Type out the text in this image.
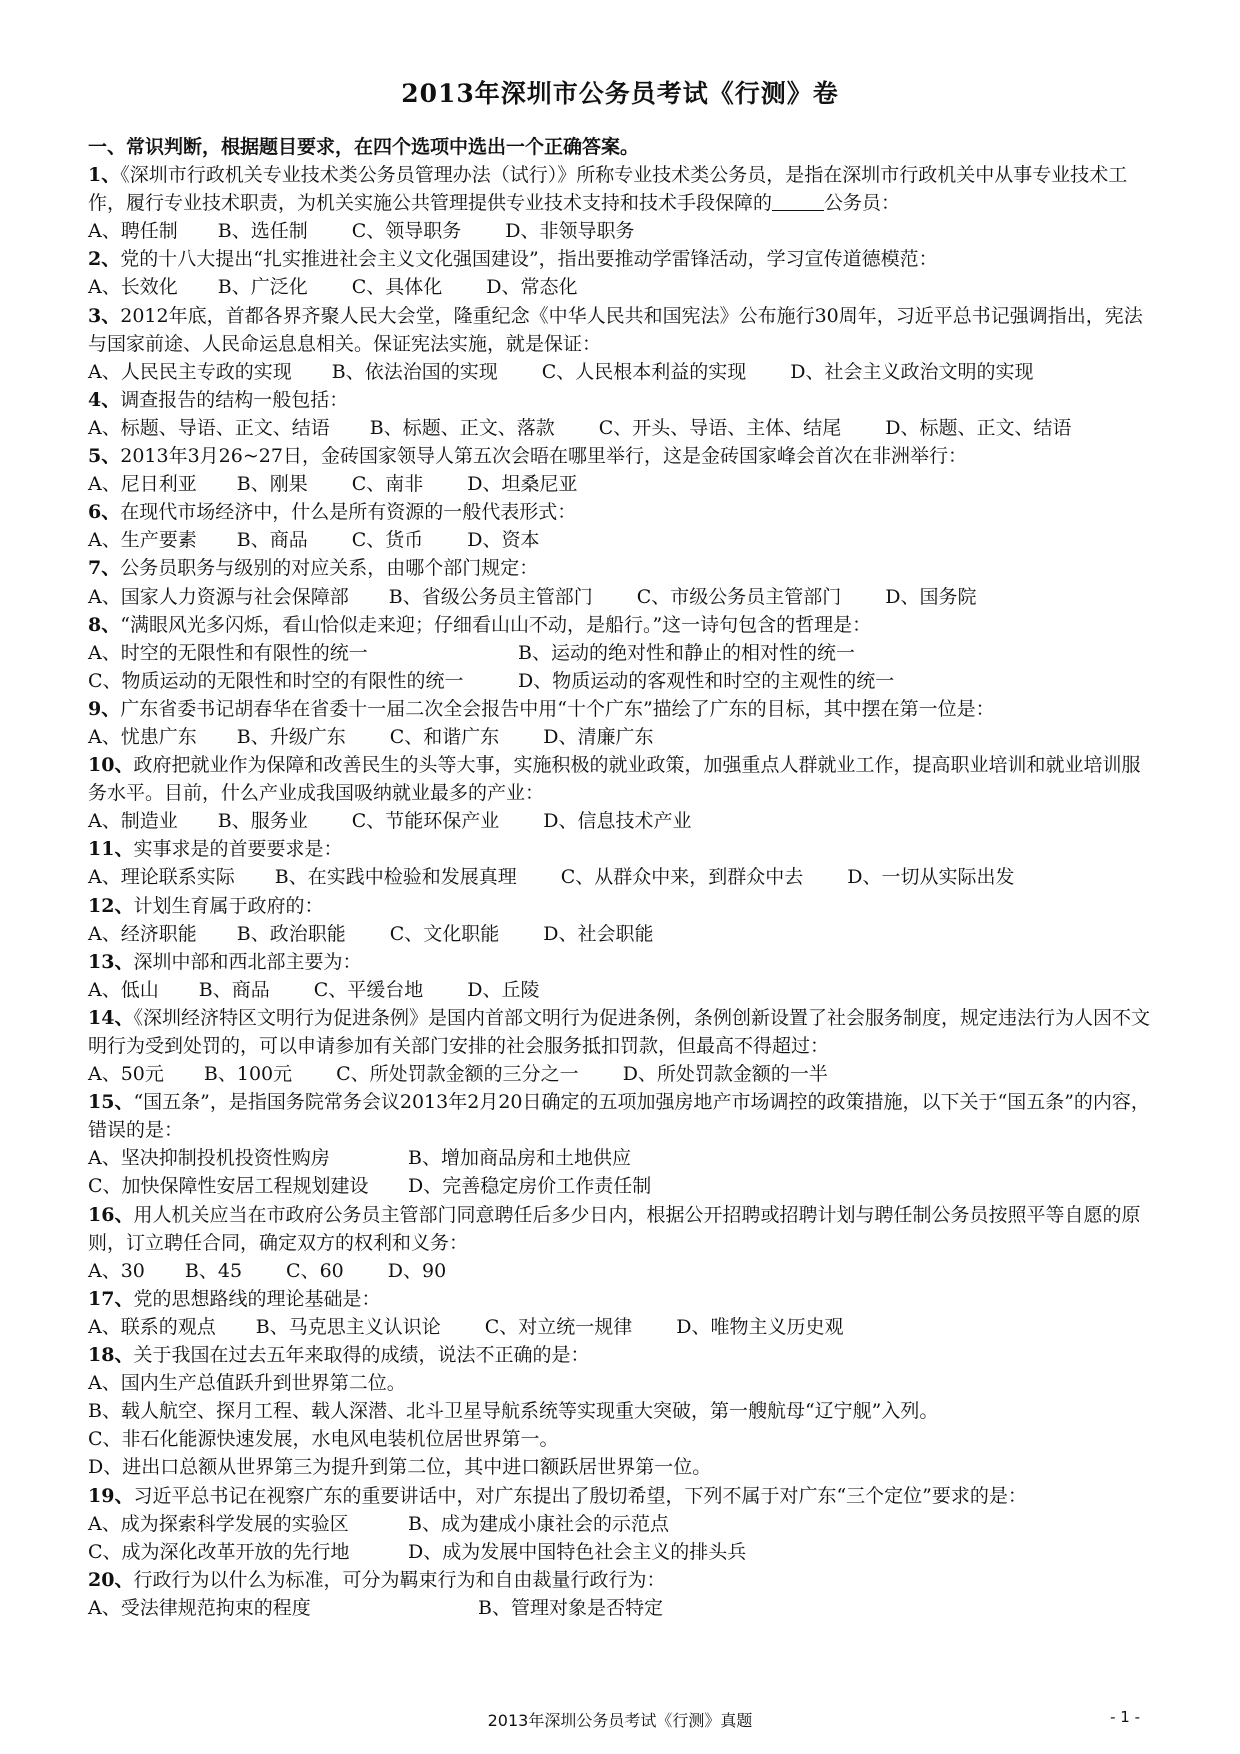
2013年深圳市公务员考试《行测》卷
一、常识判断，根据题目要求，在四个选项中选出一个正确答案。
1、《深圳市行政机关专业技术类公务员管理办法（试行）》所称专业技术类公务员，是指在深圳市行政机关中从事专业技术工作，履行专业技术职责，为机关实施公共管理提供专业技术支持和技术手段保障的	公务员：
A、聘任制 B、选任制 C、领导职务 D、非领导职务
2、党的十八大提出“扎实推进社会主义文化强国建设”，指出要推动学雷锋活动，学习宣传道德模范：
A、长效化 B、广泛化 C、具体化 D、常态化
3、2012年底，首都各界齐聚人民大会堂，隆重纪念《中华人民共和国宪法》公布施行30周年，习近平总书记强调指出，宪法与国家前途、人民命运息息相关。保证宪法实施，就是保证：
A、人民民主专政的实现 B、依法治国的实现 C、人民根本利益的实现 D、社会主义政治文明的实现
4、调查报告的结构一般包括：
A、标题、导语、正文、结语 B、标题、正文、落款 C、开头、导语、主体、结尾 D、标题、正文、结语
5、2013年3月26~27日，金砖国家领导人第五次会晤在哪里举行，这是金砖国家峰会首次在非洲举行：
A、尼日利亚 B、刚果 C、南非 D、坦桑尼亚
6、在现代市场经济中，什么是所有资源的一般代表形式：
A、生产要素 B、商品 C、货币 D、资本
7、公务员职务与级别的对应关系，由哪个部门规定：
A、国家人力资源与社会保障部 B、省级公务员主管部门 C、市级公务员主管部门 D、国务院
8、“满眼风光多闪烁，看山恰似走来迎；仔细看山山不动，是船行。”这一诗句包含的哲理是：
A、时空的无限性和有限性的统一	B、运动的绝对性和静止的相对性的统一
C、物质运动的无限性和时空的有限性的统一	D、物质运动的客观性和时空的主观性的统一
9、广东省委书记胡春华在省委十一届二次全会报告中用“十个广东”描绘了广东的目标，其中摆在第一位是：
A、忧患广东 B、升级广东 C、和谐广东 D、清廉广东
10、政府把就业作为保障和改善民生的头等大事，实施积极的就业政策，加强重点人群就业工作，提高职业培训和就业培训服务水平。目前，什么产业成我国吸纳就业最多的产业：
A、制造业 B、服务业 C、节能环保产业 D、信息技术产业
11、实事求是的首要要求是：
A、理论联系实际 B、在实践中检验和发展真理 C、从群众中来，到群众中去 D、一切从实际出发
12、计划生育属于政府的：
A、经济职能 B、政治职能 C、文化职能 D、社会职能
13、深圳中部和西北部主要为：
A、低山 B、商品 C、平缓台地 D、丘陵
14、《深圳经济特区文明行为促进条例》是国内首部文明行为促进条例，条例创新设置了社会服务制度，规定违法行为人因不文明行为受到处罚的，可以申请参加有关部门安排的社会服务抵扣罚款，但最高不得超过：
A、50元 B、100元 C、所处罚款金额的三分之一 D、所处罚款金额的一半
15、“国五条”，是指国务院常务会议2013年2月20日确定的五项加强房地产市场调控的政策措施，以下关于“国五条”的内容，错误的是：
A、坚决抑制投机投资性购房	B、增加商品房和土地供应
C、加快保障性安居工程规划建设 D、完善稳定房价工作责任制
16、用人机关应当在市政府公务员主管部门同意聘任后多少日内，根据公开招聘或招聘计划与聘任制公务员按照平等自愿的原则，订立聘任合同，确定双方的权利和义务：
A、30 B、45 C、60 D、90
17、党的思想路线的理论基础是：
A、联系的观点 B、马克思主义认识论 C、对立统一规律 D、唯物主义历史观
18、关于我国在过去五年来取得的成绩，说法不正确的是：
A、国内生产总值跃升到世界第二位。
B、载人航空、探月工程、载人深潜、北斗卫星导航系统等实现重大突破，第一艘航母“辽宁舰”入列。
C、非石化能源快速发展，水电风电装机位居世界第一。
D、进出口总额从世界第三为提升到第二位，其中进口额跃居世界第一位。
19、习近平总书记在视察广东的重要讲话中，对广东提出了殷切希望，下列不属于对广东“三个定位”要求的是：
A、成为探索科学发展的实验区	B、成为建成小康社会的示范点
C、成为深化改革开放的先行地	D、成为发展中国特色社会主义的排头兵
20、行政行为以什么为标准，可分为羁束行为和自由裁量行政行为：
A、受法律规范拘束的程度	B、管理对象是否特定
2013年深圳公务员考试《行测》真题	- 1 -
